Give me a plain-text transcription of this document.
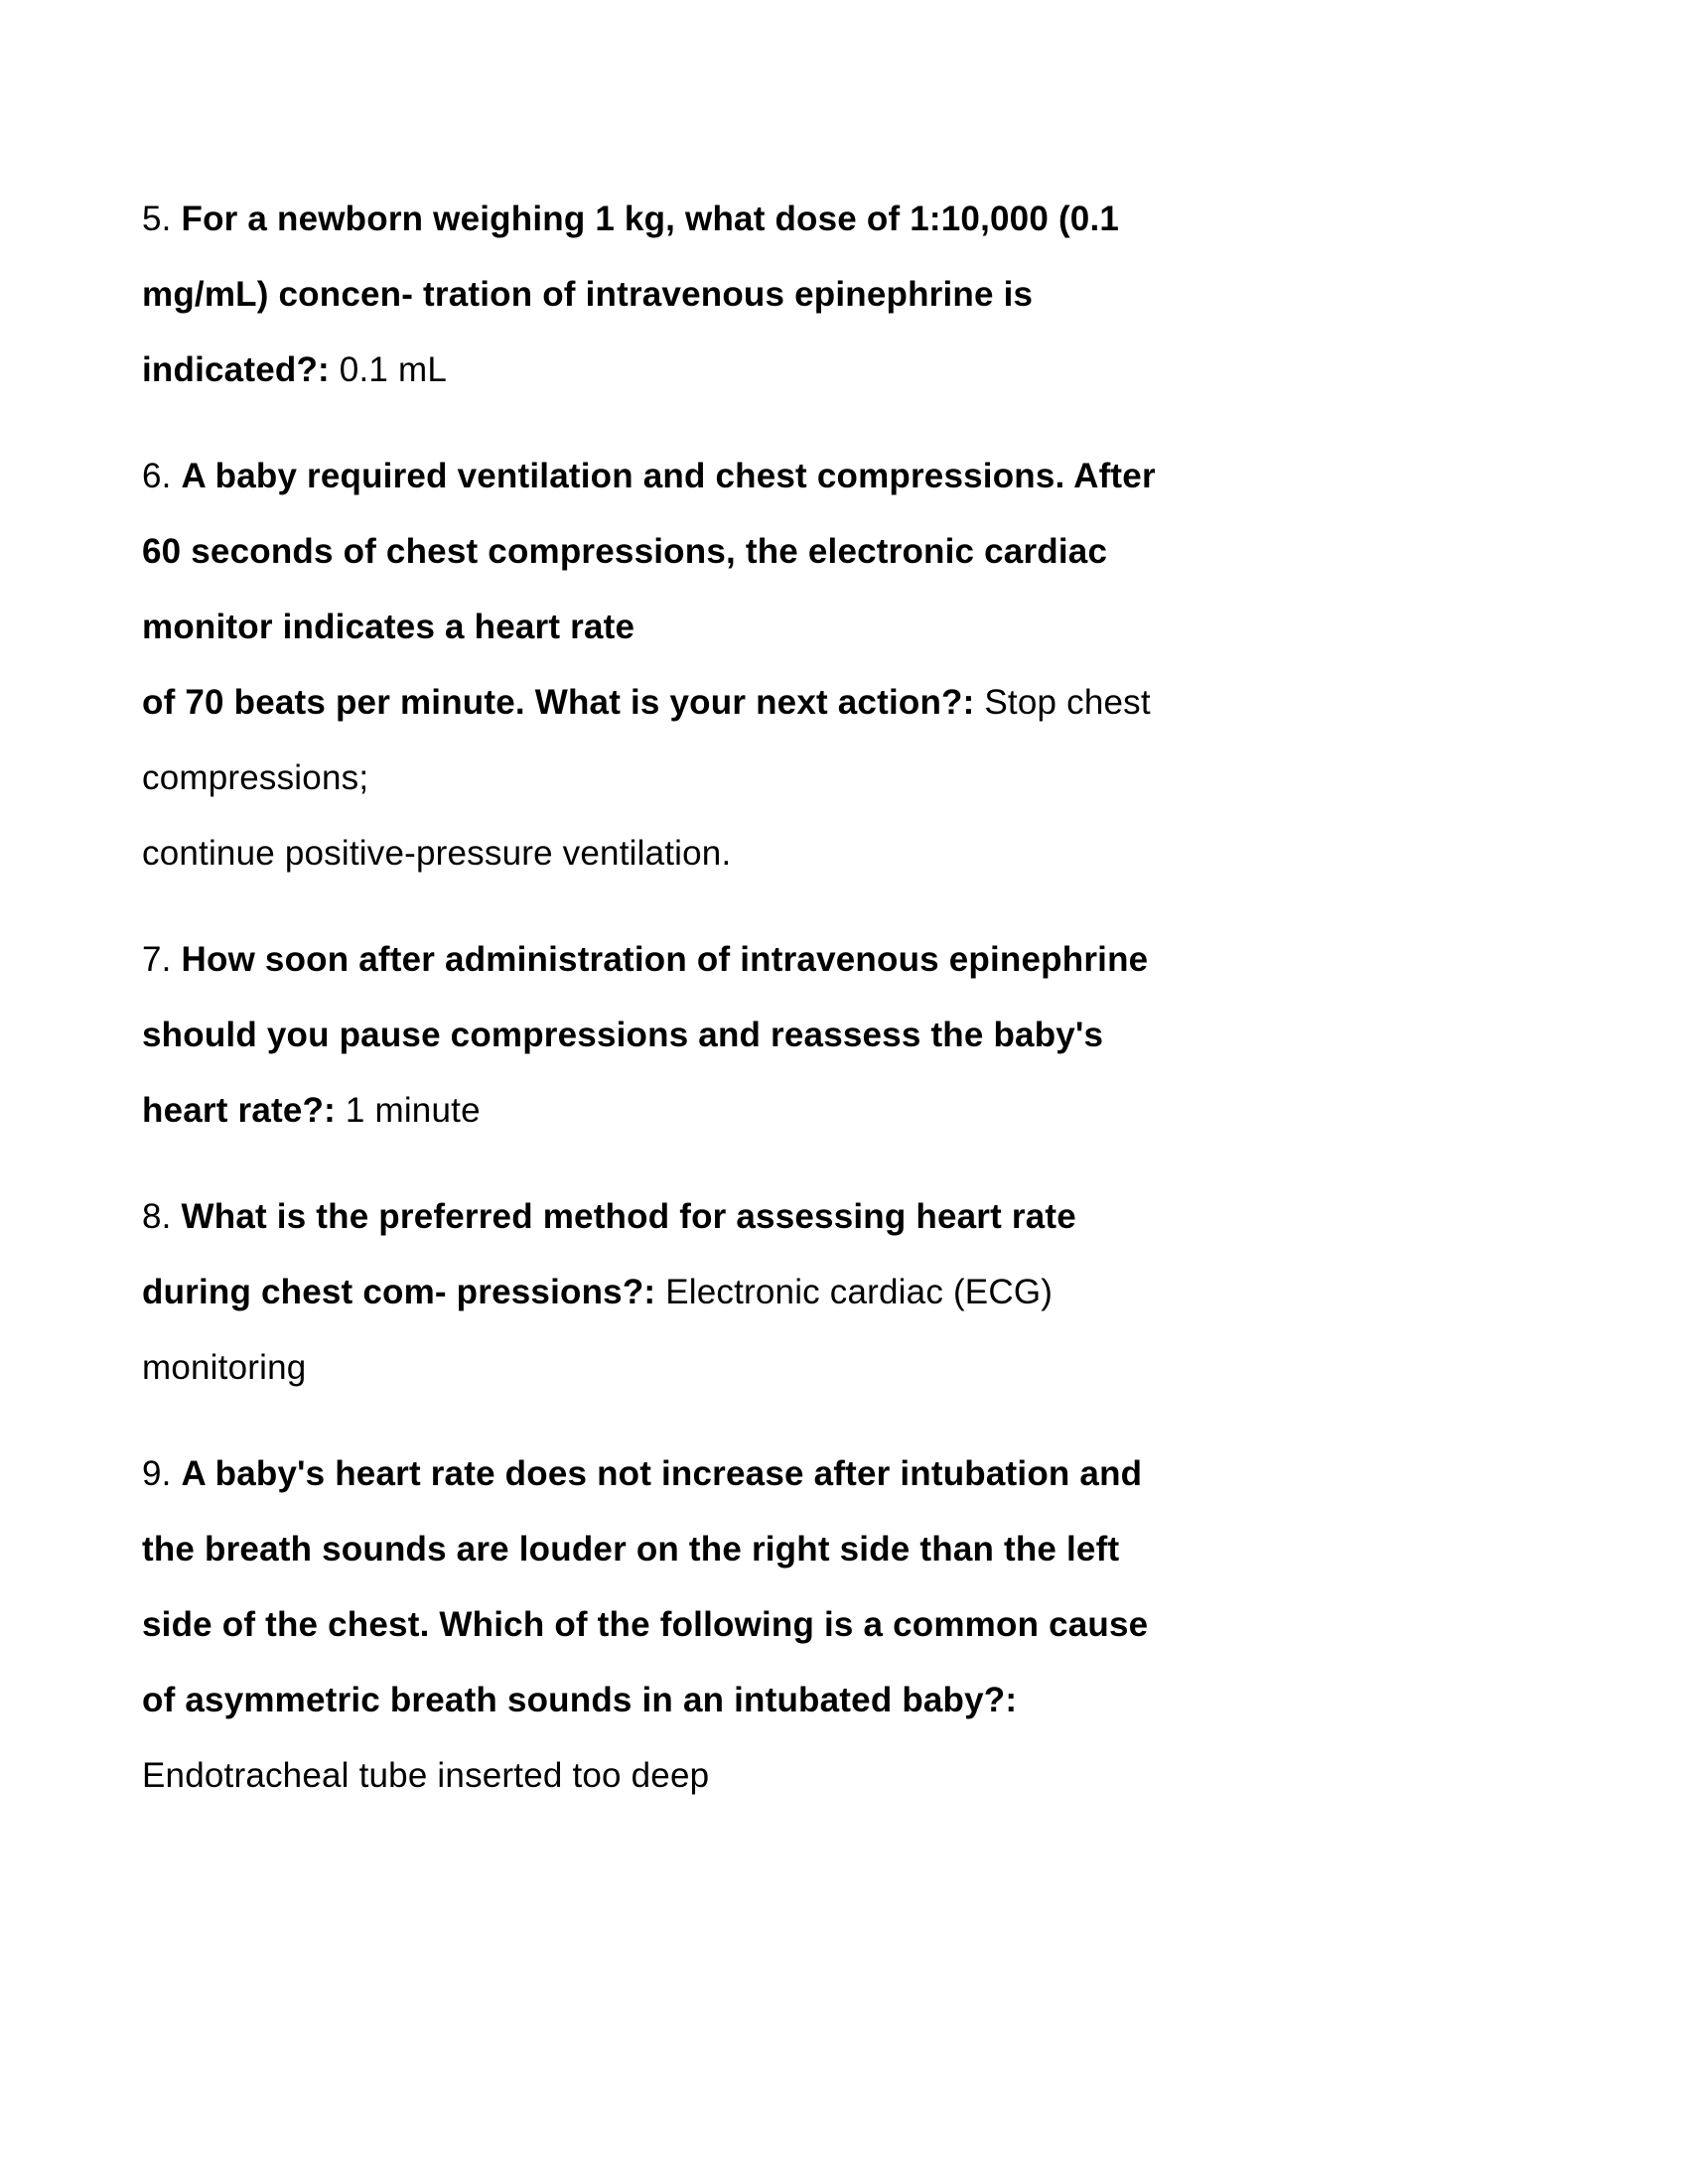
5. For a newborn weighing 1 kg, what dose of 1:10,000 (0.1
mg/mL) concen- tration of intravenous epinephrine is
indicated?: 0.1 mL
6. A baby required ventilation and chest compressions. After
60 seconds of chest compressions, the electronic cardiac
monitor indicates a heart rate
of 70 beats per minute. What is your next action?: Stop chest
compressions;
continue positive-pressure ventilation.
7. How soon after administration of intravenous epinephrine
should you pause compressions and reassess the baby's
heart rate?: 1 minute
8. What is the preferred method for assessing heart rate
during chest com- pressions?: Electronic cardiac (ECG)
monitoring
9. A baby's heart rate does not increase after intubation and
the breath sounds are louder on the right side than the left
side of the chest. Which of the following is a common cause
of asymmetric breath sounds in an intubated baby?:
Endotracheal tube inserted too deep
